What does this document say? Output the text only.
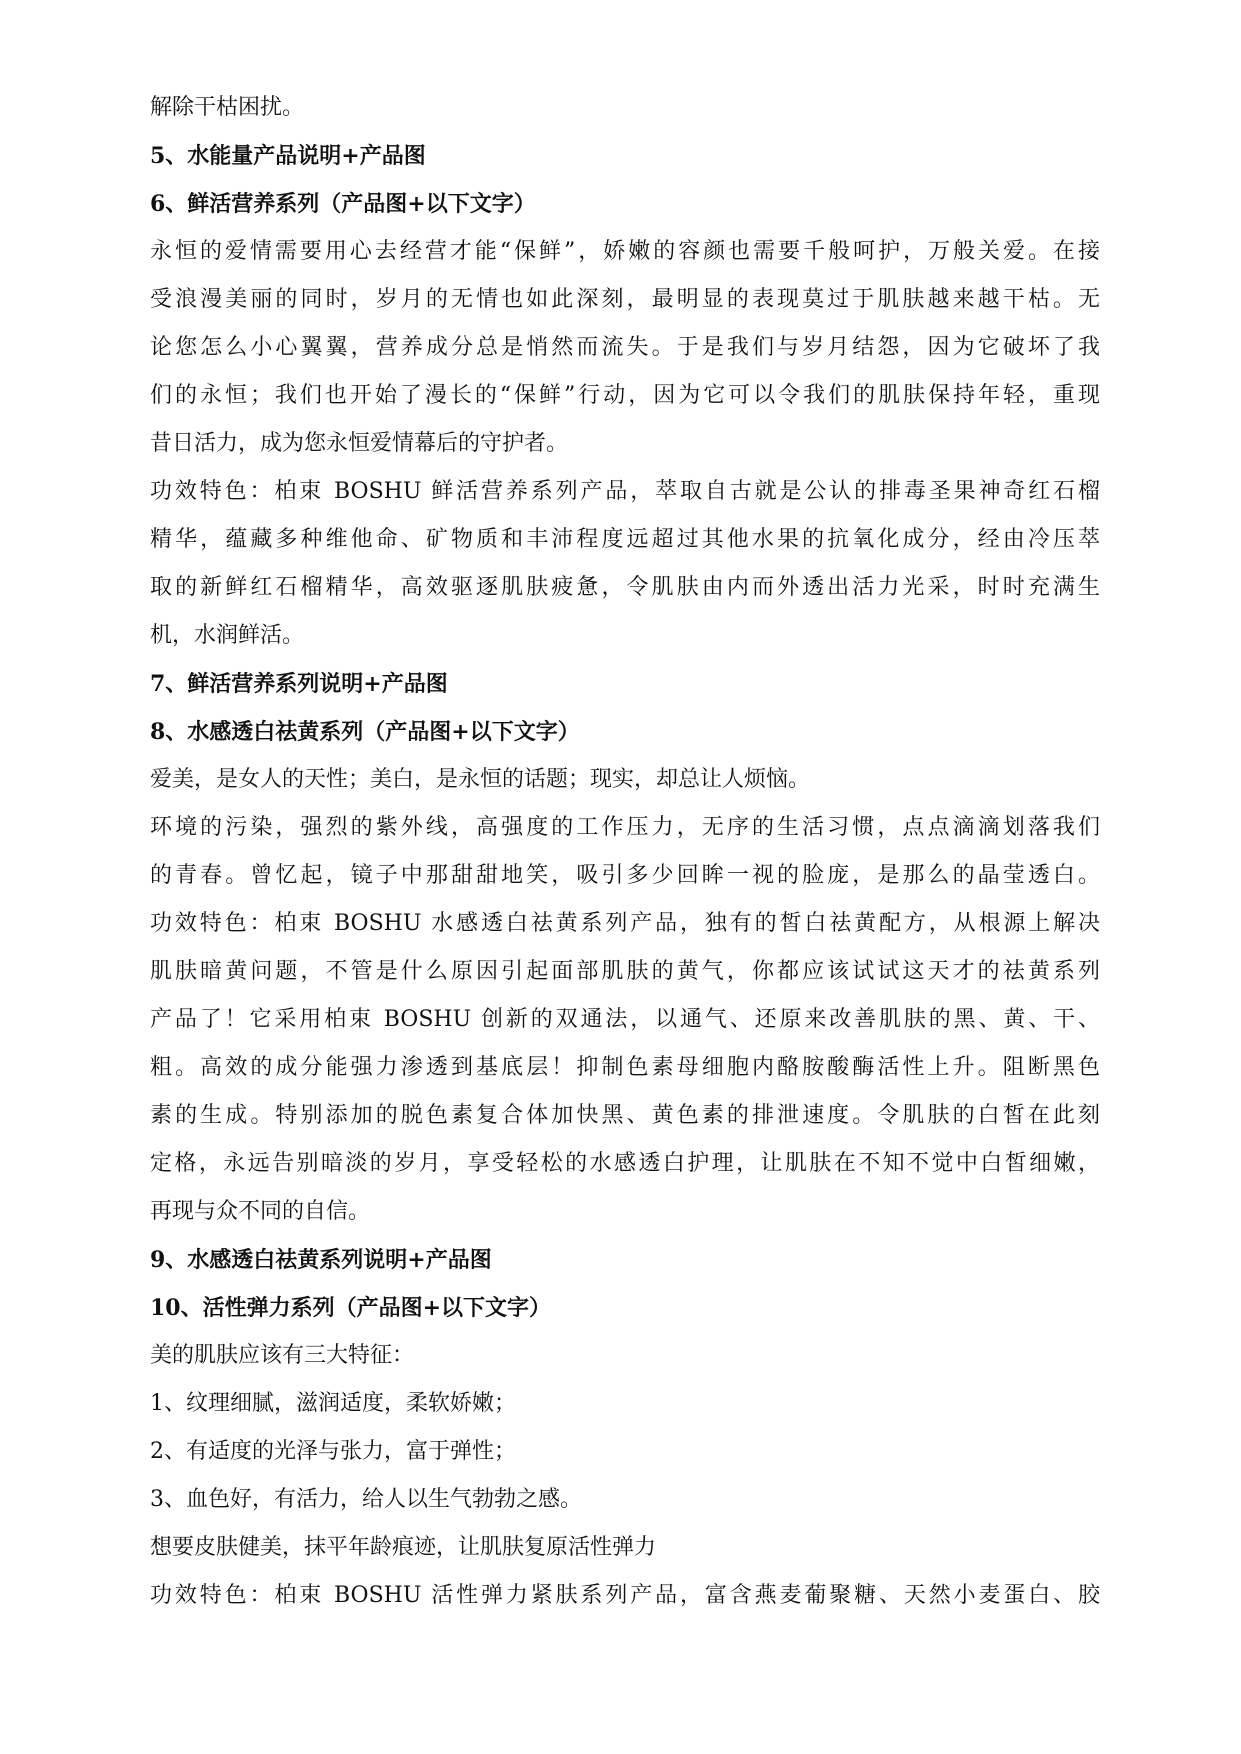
解除干枯困扰。
5、水能量产品说明+产品图
6、鲜活营养系列（产品图+以下文字）
永恒的爱情需要用心去经营才能“保鲜”，娇嫩的容颜也需要千般呵护，万般关爱。在接
受浪漫美丽的同时，岁月的无情也如此深刻，最明显的表现莫过于肌肤越来越干枯。无
论您怎么小心翼翼，营养成分总是悄然而流失。于是我们与岁月结怨，因为它破坏了我
们的永恒；我们也开始了漫长的“保鲜”行动，因为它可以令我们的肌肤保持年轻，重现
昔日活力，成为您永恒爱情幕后的守护者。
功效特色：柏束 BOSHU 鲜活营养系列产品，萃取自古就是公认的排毒圣果神奇红石榴
精华，蕴藏多种维他命、矿物质和丰沛程度远超过其他水果的抗氧化成分，经由冷压萃
取的新鲜红石榴精华，高效驱逐肌肤疲惫，令肌肤由内而外透出活力光采，时时充满生
机，水润鲜活。
7、鲜活营养系列说明+产品图
8、水感透白祛黄系列（产品图+以下文字）
爱美，是女人的天性；美白，是永恒的话题；现实，却总让人烦恼。
环境的污染，强烈的紫外线，高强度的工作压力，无序的生活习惯，点点滴滴划落我们
的青春。曾忆起，镜子中那甜甜地笑，吸引多少回眸一视的脸庞，是那么的晶莹透白。
功效特色：柏束 BOSHU 水感透白祛黄系列产品，独有的皙白祛黄配方，从根源上解决
肌肤暗黄问题，不管是什么原因引起面部肌肤的黄气，你都应该试试这天才的祛黄系列
产品了！它采用柏束 BOSHU 创新的双通法，以通气、还原来改善肌肤的黑、黄、干、
粗。高效的成分能强力渗透到基底层！抑制色素母细胞内酪胺酸酶活性上升。阻断黑色
素的生成。特别添加的脱色素复合体加快黑、黄色素的排泄速度。令肌肤的白皙在此刻
定格，永远告别暗淡的岁月，享受轻松的水感透白护理，让肌肤在不知不觉中白皙细嫩，
再现与众不同的自信。
9、水感透白祛黄系列说明+产品图
10、活性弹力系列（产品图+以下文字）
美的肌肤应该有三大特征：
1、纹理细腻，滋润适度，柔软娇嫩；
2、有适度的光泽与张力，富于弹性；
3、血色好，有活力，给人以生气勃勃之感。
想要皮肤健美，抹平年龄痕迹，让肌肤复原活性弹力
功效特色：柏束 BOSHU 活性弹力紧肤系列产品，富含燕麦葡聚糖、天然小麦蛋白、胶
